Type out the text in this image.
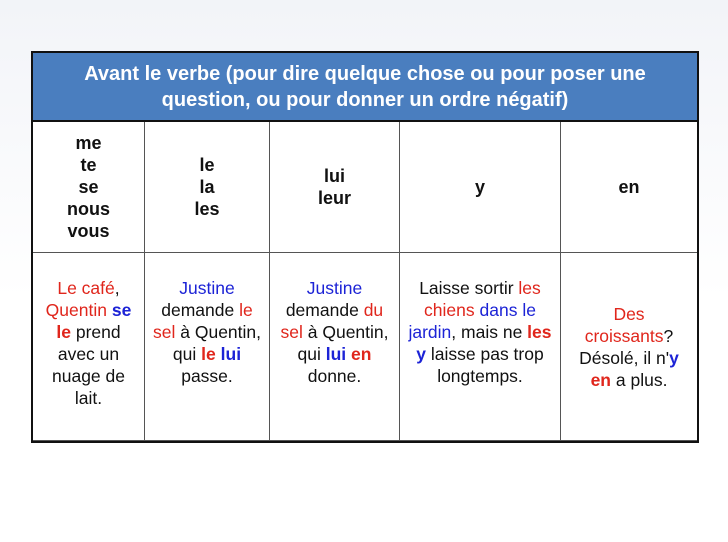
Avant le verbe (pour dire quelque chose ou pour poser une
question, ou pour donner un ordre négatif)
me
te
se
nous
vous
le
la
les
lui
leur
y	en
Le café,
Quentin se
le prend
avec un
nuage de
lait.
Justine
demande le
sel à Quentin,
qui le lui
passe.
Justine
demande du
sel à Quentin,
qui lui en
donne.
Laisse sortir les
chiens dans le
jardin, mais ne les
y laisse pas trop
longtemps.
Des
croissants?
Désolé, il n'y
en a plus.
